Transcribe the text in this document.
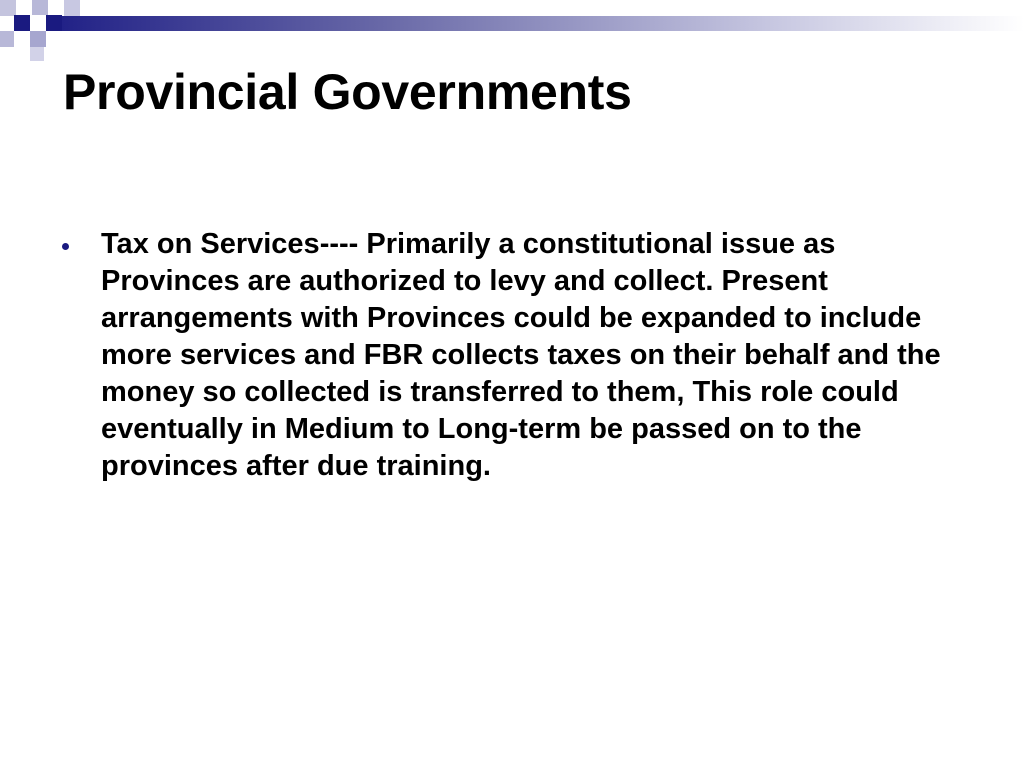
Provincial Governments
Tax on Services---- Primarily a constitutional issue as Provinces are authorized to levy and collect. Present arrangements with Provinces could be expanded to include more services and FBR collects taxes on their behalf and the money so collected is transferred to them, This role could eventually in Medium to Long-term be passed on to the provinces after due training.
